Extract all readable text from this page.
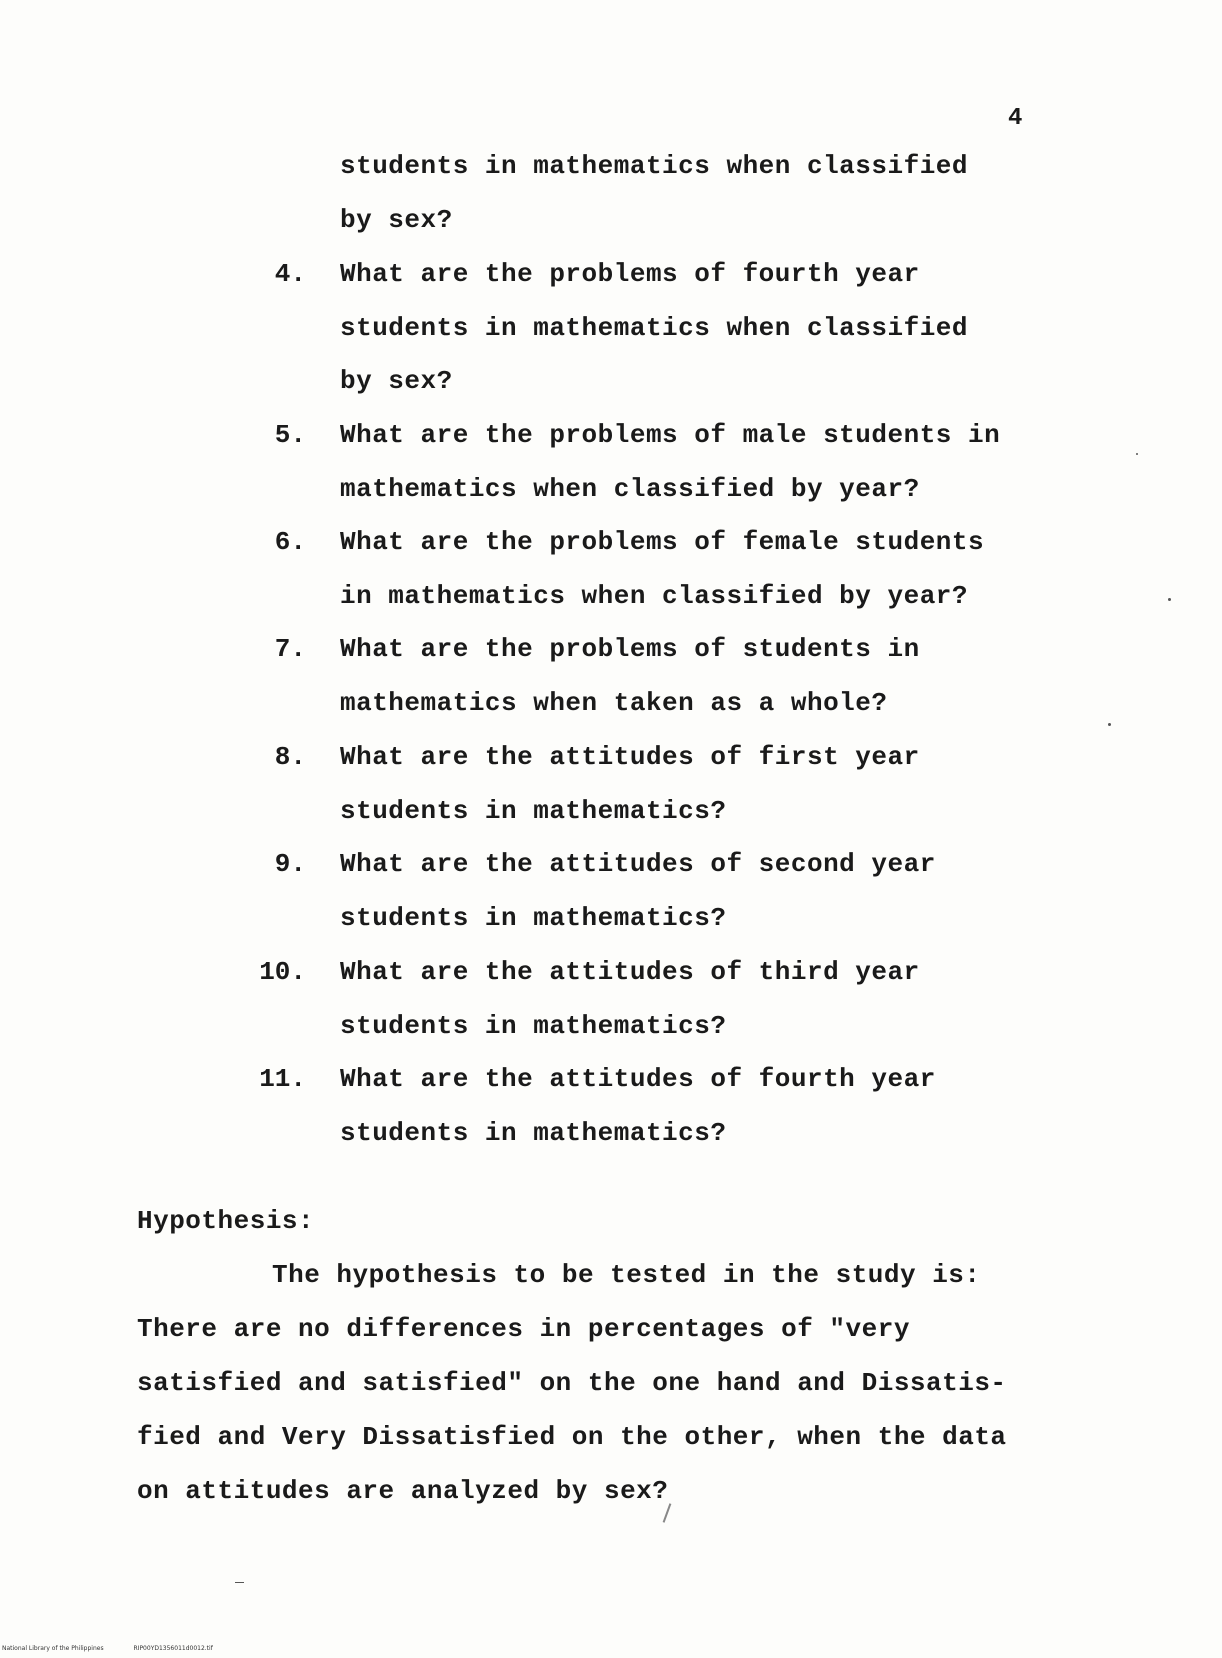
4
students in mathematics when classified
by sex?
4. What are the problems of fourth year
students in mathematics when classified
by sex?
5. What are the problems of male students in
mathematics when classified by year?
6. What are the problems of female students
in mathematics when classified by year?
7. What are the problems of students in
mathematics when taken as a whole?
8. What are the attitudes of first year
students in mathematics?
9. What are the attitudes of second year
students in mathematics?
10. What are the attitudes of third year
students in mathematics?
11. What are the attitudes of fourth year
students in mathematics?
Hypothesis:
The hypothesis to be tested in the study is:
There are no differences in percentages of "very
satisfied and satisfied" on the one hand and Dissatis-
fied and Very Dissatisfied on the other, when the data
on attitudes are analyzed by sex?
National Library of the Philippines	RIP00YD1356011d0012.tif
